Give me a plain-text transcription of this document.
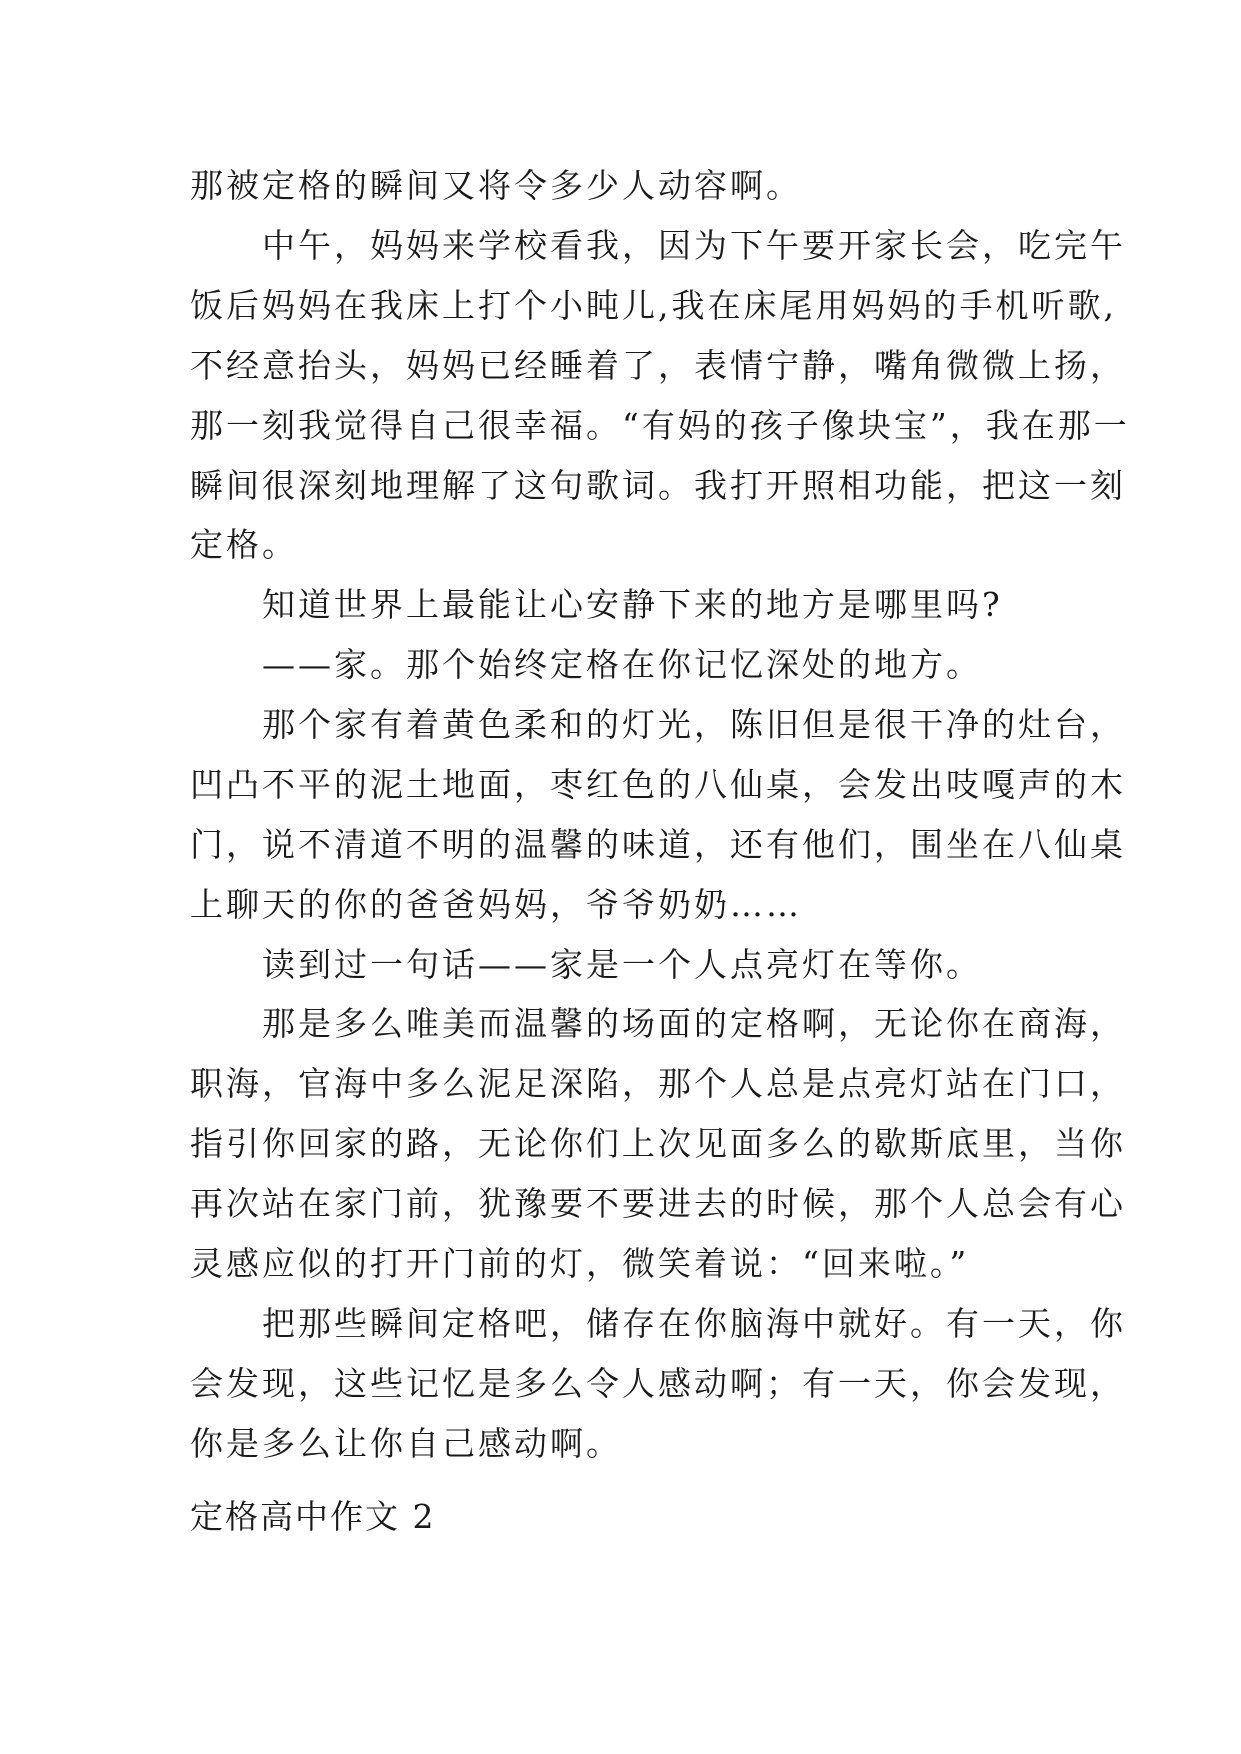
那被定格的瞬间又将令多少人动容啊。
　　中午，妈妈来学校看我，因为下午要开家长会，吃完午
饭后妈妈在我床上打个小盹儿,我在床尾用妈妈的手机听歌,
不经意抬头，妈妈已经睡着了，表情宁静，嘴角微微上扬，
那一刻我觉得自己很幸福。“有妈的孩子像块宝”，我在那一
瞬间很深刻地理解了这句歌词。我打开照相功能，把这一刻
定格。
　　知道世界上最能让心安静下来的地方是哪里吗?
　　——家。那个始终定格在你记忆深处的地方。
　　那个家有着黄色柔和的灯光，陈旧但是很干净的灶台，
凹凸不平的泥土地面，枣红色的八仙桌，会发出吱嘎声的木
门，说不清道不明的温馨的味道，还有他们，围坐在八仙桌
上聊天的你的爸爸妈妈，爷爷奶奶……
　　读到过一句话——家是一个人点亮灯在等你。
　　那是多么唯美而温馨的场面的定格啊，无论你在商海，
职海，官海中多么泥足深陷，那个人总是点亮灯站在门口，
指引你回家的路，无论你们上次见面多么的歇斯底里，当你
再次站在家门前，犹豫要不要进去的时候，那个人总会有心
灵感应似的打开门前的灯，微笑着说：“回来啦。”
　　把那些瞬间定格吧，储存在你脑海中就好。有一天，你
会发现，这些记忆是多么令人感动啊；有一天，你会发现，
你是多么让你自己感动啊。
定格高中作文 2
